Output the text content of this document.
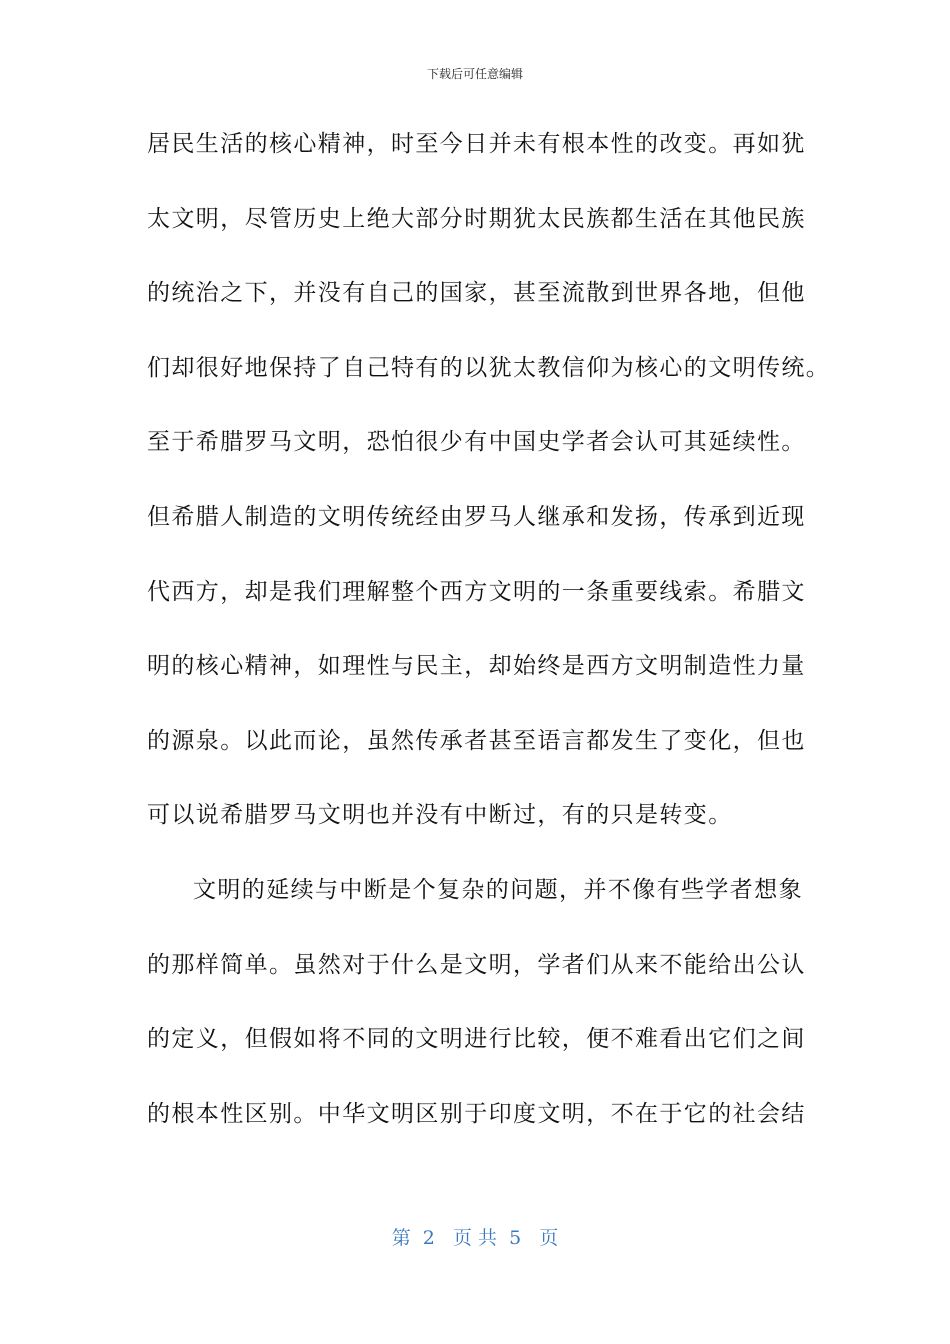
下载后可任意编辑
居民生活的核心精神，时至今日并未有根本性的改变。再如犹
太文明，尽管历史上绝大部分时期犹太民族都生活在其他民族
的统治之下，并没有自己的国家，甚至流散到世界各地，但他
们却很好地保持了自己特有的以犹太教信仰为核心的文明传统。
至于希腊罗马文明，恐怕很少有中国史学者会认可其延续性。
但希腊人制造的文明传统经由罗马人继承和发扬，传承到近现
代西方，却是我们理解整个西方文明的一条重要线索。希腊文
明的核心精神，如理性与民主，却始终是西方文明制造性力量
的源泉。以此而论，虽然传承者甚至语言都发生了变化，但也
可以说希腊罗马文明也并没有中断过，有的只是转变。
文明的延续与中断是个复杂的问题，并不像有些学者想象
的那样简单。虽然对于什么是文明，学者们从来不能给出公认
的定义，但假如将不同的文明进行比较，便不难看出它们之间
的根本性区别。中华文明区别于印度文明，不在于它的社会结
第  2   页 共  5   页
